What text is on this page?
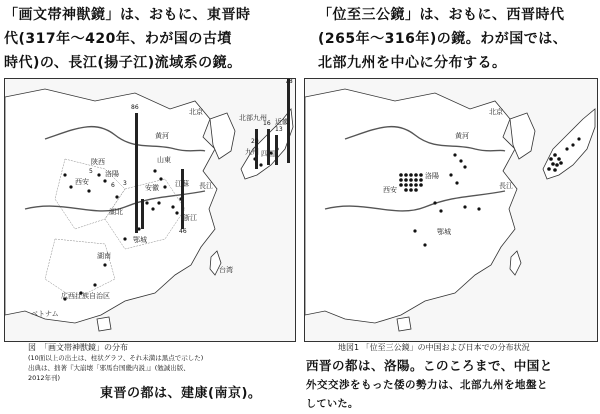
「画文帯神獣鏡」は、おもに、東晋時
代(317年〜420年、わが国の古墳
時代)の、長江(揚子江)流域系の鏡。
「位至三公鏡」は、おもに、西晋時代
(265年〜316年)の鏡。わが国では、
北部九州を中心に分布する。
78
86
16
13
20
46
5
6 3
黄河
北京
洛陽
西安
陝西	山東
安徽 江蘇
浙江
湖北
鄂城
湖南
長江
台湾
広西壮族自治区
ベトナム
近畿
九州 四国
北部九州
黄河
北京
洛陽
西安	長江
鄂城
図　「画文帯神獣鏡」の分布
(10面以上の出土は、柱状グラフ、それ未満は黒点で示した)
出典は、拙著『大崩壊「邪馬台国畿内説」』(勉誠出版、
2012年刊)
東晋の都は、建康(南京)。
地図1 「位至三公鏡」の中国および日本での分布状況
西晋の都は、洛陽。このころまで、中国と
外交交渉をもった倭の勢力は、北部九州を地盤と
していた。
